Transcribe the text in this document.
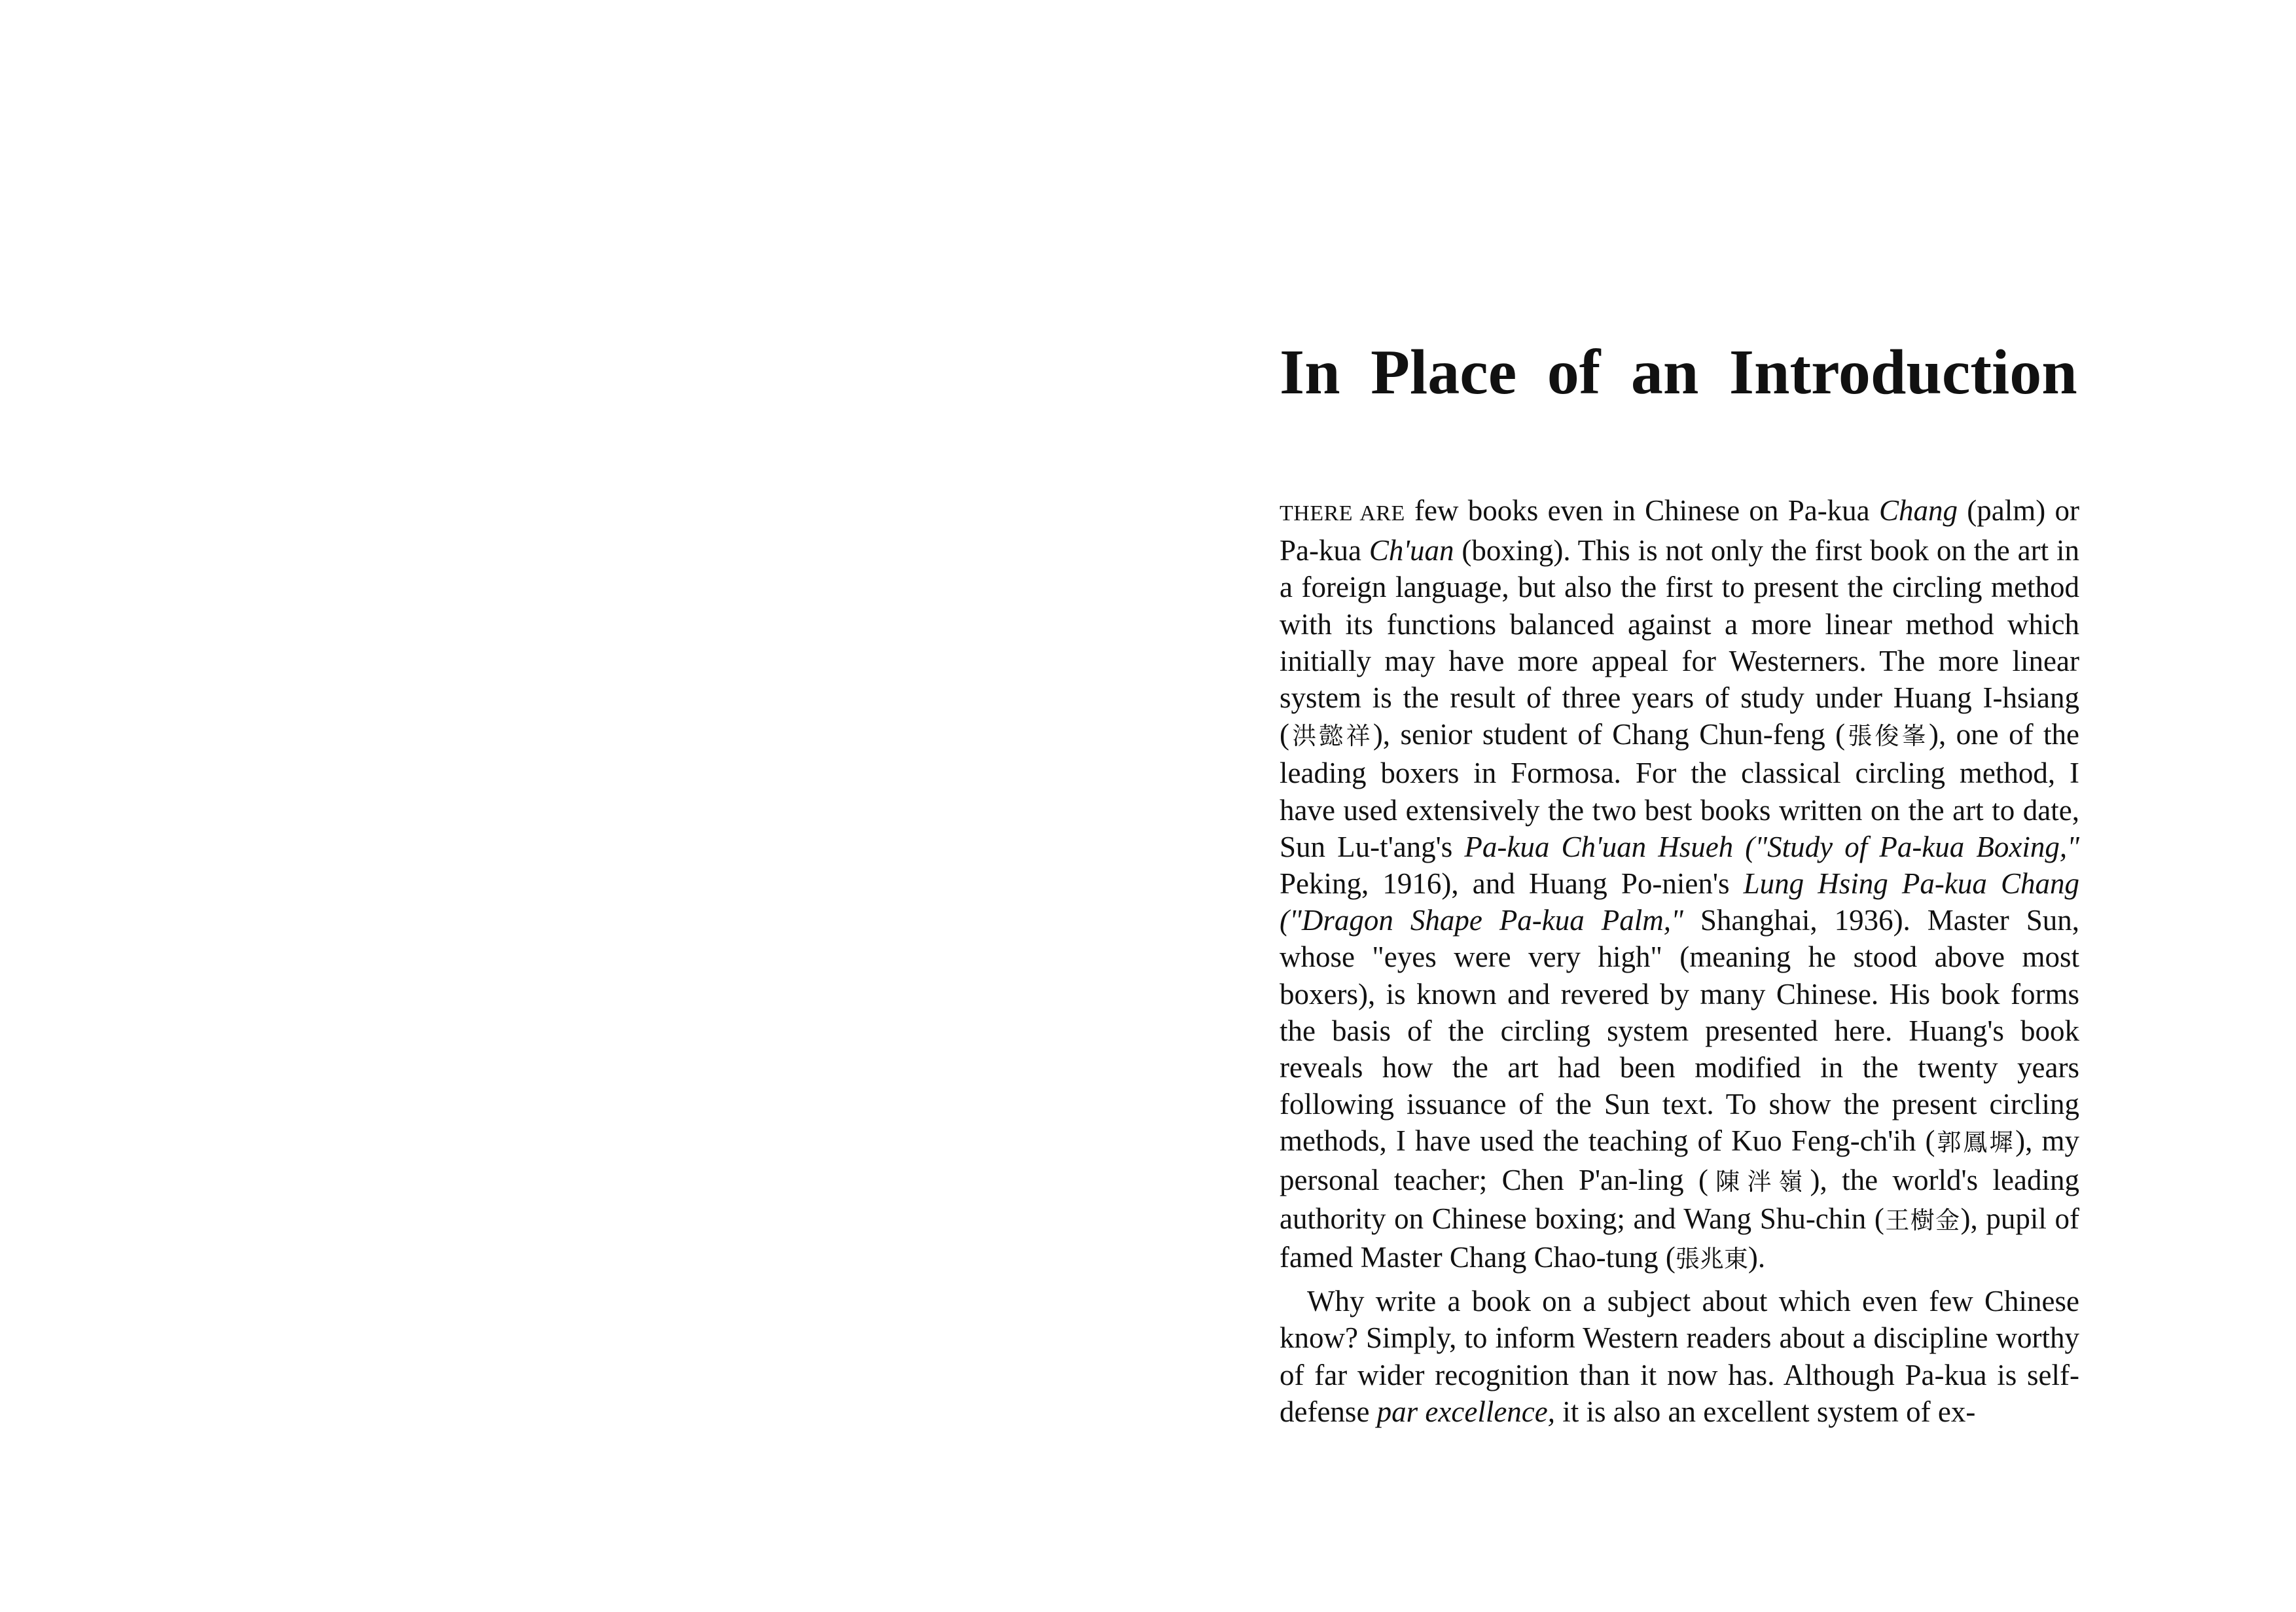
In Place of an Introduction

THERE ARE few books even in Chinese on Pa-kua Chang (palm) or Pa-kua Ch'uan (boxing). This is not only the first book on the art in a foreign language, but also the first to present the circling method with its functions balanced against a more linear method which initially may have more appeal for Westerners. The more linear system is the result of three years of study under Huang I-hsiang (洪懿祥), senior student of Chang Chun-feng (張俊峯), one of the leading boxers in Formosa. For the classical circling method, I have used extensively the two best books written on the art to date, Sun Lu-t'ang's Pa-kua Ch'uan Hsueh ("Study of Pa-kua Boxing," Peking, 1916), and Huang Po-nien's Lung Hsing Pa-kua Chang ("Dragon Shape Pa-kua Palm," Shanghai, 1936). Master Sun, whose "eyes were very high" (meaning he stood above most boxers), is known and revered by many Chinese. His book forms the basis of the circling system presented here. Huang's book reveals how the art had been modified in the twenty years following issuance of the Sun text. To show the present circling methods, I have used the teaching of Kuo Feng-ch'ih (郭鳳墀), my personal teacher; Chen P'an-ling (陳泮嶺), the world's leading authority on Chinese boxing; and Wang Shu-chin (王樹金), pupil of famed Master Chang Chao-tung (張兆東).

Why write a book on a subject about which even few Chinese know? Simply, to inform Western readers about a discipline worthy of far wider recognition than it now has. Although Pa-kua is self-defense par excellence, it is also an excellent system of ex-
